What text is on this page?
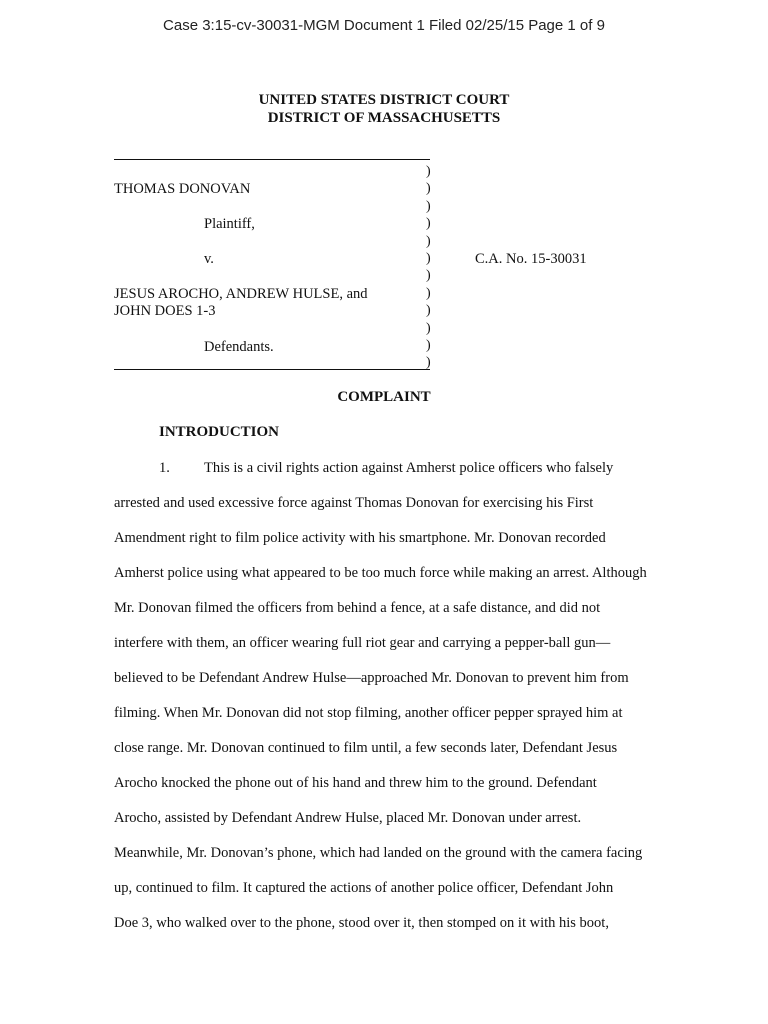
Case 3:15-cv-30031-MGM Document 1 Filed 02/25/15 Page 1 of 9
UNITED STATES DISTRICT COURT
DISTRICT OF MASSACHUSETTS
)
)
)
)
)
)
)
)
)
)
)
)
THOMAS DONOVAN
Plaintiff,
v.	C.A. No. 15-30031
JESUS AROCHO, ANDREW HULSE, and
JOHN DOES 1-3
Defendants.
COMPLAINT
INTRODUCTION
1. This is a civil rights action against Amherst police officers who falsely
arrested and used excessive force against Thomas Donovan for exercising his First
Amendment right to film police activity with his smartphone. Mr. Donovan recorded
Amherst police using what appeared to be too much force while making an arrest. Although
Mr. Donovan filmed the officers from behind a fence, at a safe distance, and did not
interfere with them, an officer wearing full riot gear and carrying a pepper-ball gun—
believed to be Defendant Andrew Hulse—approached Mr. Donovan to prevent him from
filming. When Mr. Donovan did not stop filming, another officer pepper sprayed him at
close range. Mr. Donovan continued to film until, a few seconds later, Defendant Jesus
Arocho knocked the phone out of his hand and threw him to the ground. Defendant
Arocho, assisted by Defendant Andrew Hulse, placed Mr. Donovan under arrest.
Meanwhile, Mr. Donovan’s phone, which had landed on the ground with the camera facing
up, continued to film. It captured the actions of another police officer, Defendant John
Doe 3, who walked over to the phone, stood over it, then stomped on it with his boot,
